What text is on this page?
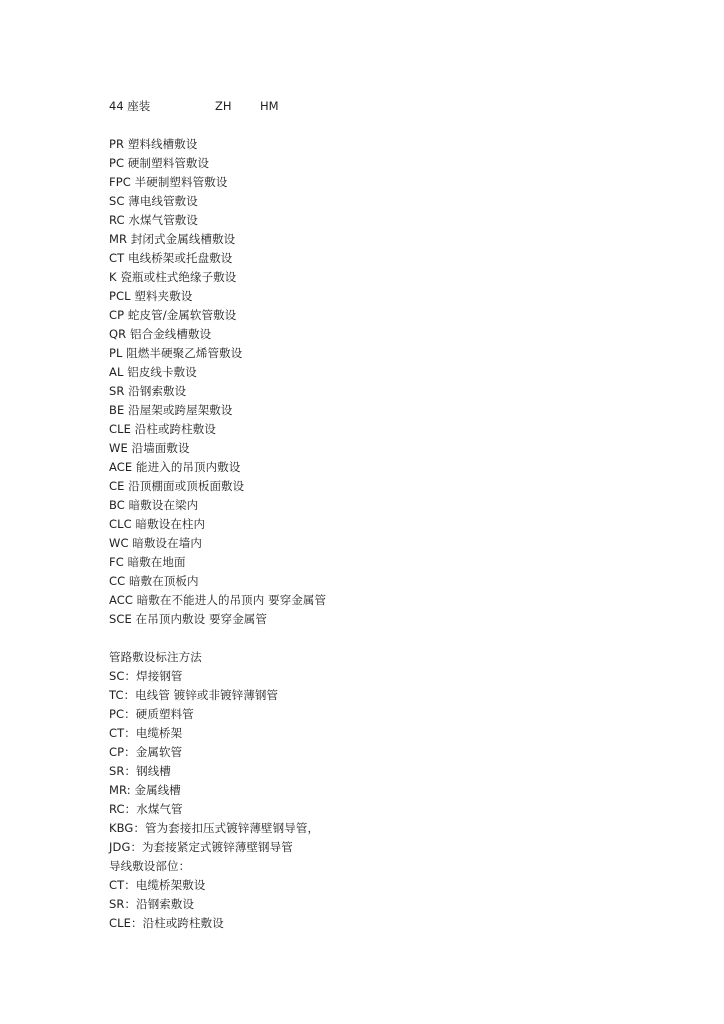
44 座装	ZH HM
PR 塑料线槽敷设
PC 硬制塑料管敷设
FPC 半硬制塑料管敷设
SC 薄电线管敷设
RC 水煤气管敷设
MR 封闭式金属线槽敷设
CT 电线桥架或托盘敷设
K 瓷瓶或柱式绝缘子敷设
PCL 塑料夹敷设
CP 蛇皮管/金属软管敷设
QR 铝合金线槽敷设
PL 阻燃半硬聚乙烯管敷设
AL 铝皮线卡敷设
SR 沿钢索敷设
BE 沿屋架或跨屋架敷设
CLE 沿柱或跨柱敷设
WE 沿墙面敷设
ACE 能进入的吊顶内敷设
CE 沿顶棚面或顶板面敷设
BC 暗敷设在梁内
CLC 暗敷设在柱内
WC 暗敷设在墙内
FC 暗敷在地面
CC 暗敷在顶板内
ACC 暗敷在不能进人的吊顶内 要穿金属管
SCE 在吊顶内敷设 要穿金属管
管路敷设标注方法
SC：焊接钢管
TC：电线管 镀锌或非镀锌薄钢管
PC：硬质塑料管
CT：电缆桥架
CP：金属软管
SR：钢线槽
MR: 金属线槽
RC：水煤气管
KBG：管为套接扣压式镀锌薄壁钢导管，
JDG：为套接紧定式镀锌薄壁钢导管
导线敷设部位：
CT：电缆桥架敷设
SR：沿钢索敷设
CLE：沿柱或跨柱敷设
